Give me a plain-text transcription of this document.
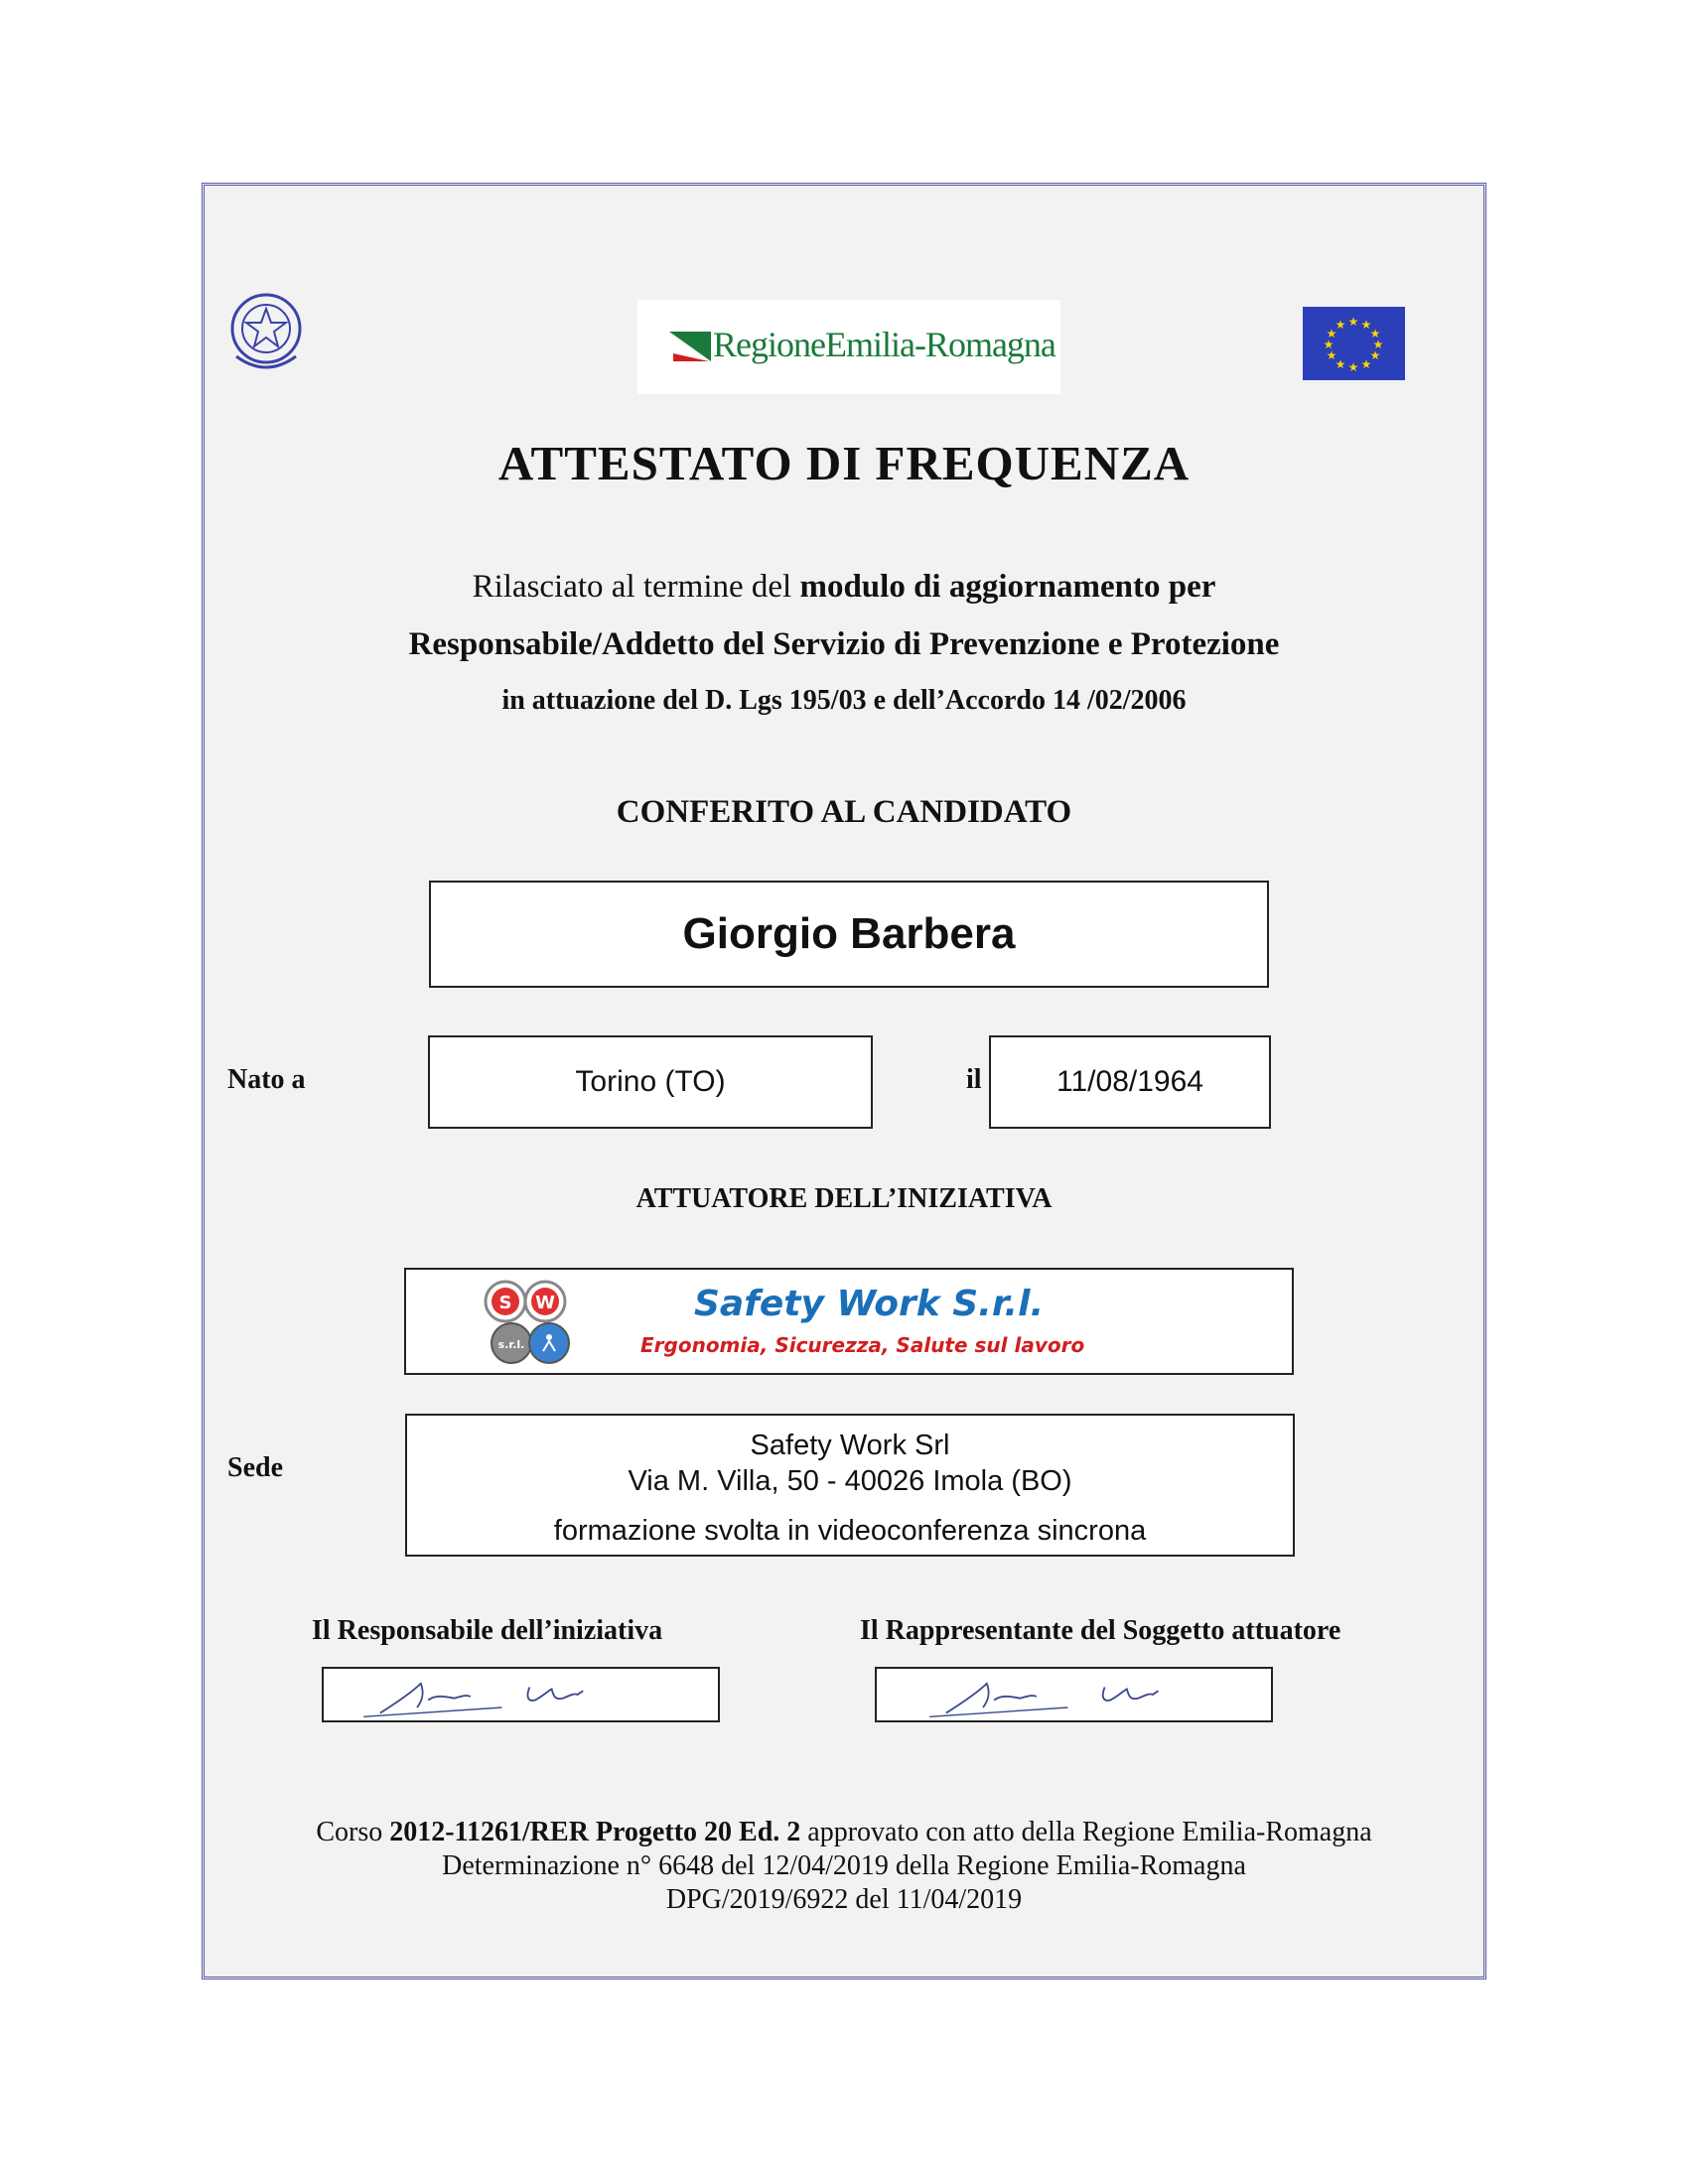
RegioneEmilia-Romagna
★ ★
★
★
★
★
★
★
★
★
★
★
ATTESTATO DI FREQUENZA
Rilasciato al termine del modulo di aggiornamento per
Responsabile/Addetto del Servizio di Prevenzione e Protezione
in attuazione del D. Lgs 195/03 e dell’Accordo 14 /02/2006
CONFERITO AL CANDIDATO
Giorgio Barbera
Nato a	Torino (TO)	il	11/08/1964
ATTUATORE DELL’INIZIATIVA
S W
s.r.l.
Safety Work S.r.l.
Ergonomia, Sicurezza, Salute sul lavoro
Sede
Safety Work Srl
Via M. Villa, 50 - 40026 Imola (BO)
formazione svolta in videoconferenza sincrona
Il Responsabile dell’iniziativa	Il Rappresentante del Soggetto attuatore
Corso 2012-11261/RER Progetto 20 Ed. 2 approvato con atto della Regione Emilia-Romagna
Determinazione n° 6648 del 12/04/2019 della Regione Emilia-Romagna
DPG/2019/6922 del 11/04/2019
